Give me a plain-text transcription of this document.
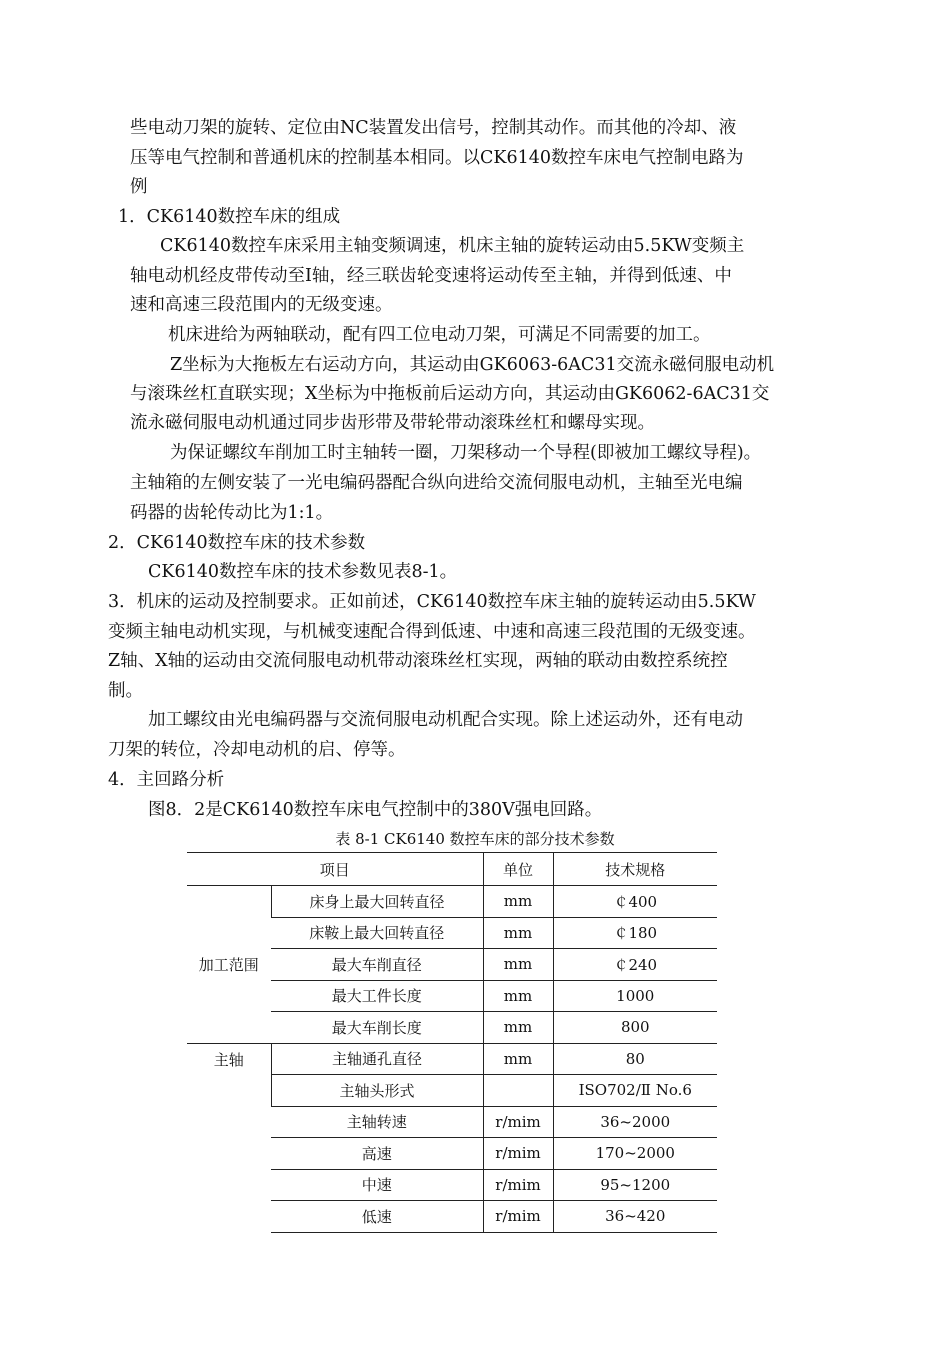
些电动刀架的旋转、定位由NC装置发出信号，控制其动作。而其他的冷却、液
压等电气控制和普通机床的控制基本相同。以CK6140数控车床电气控制电路为
例
1．CK6140数控车床的组成
CK6140数控车床采用主轴变频调速，机床主轴的旋转运动由5.5KW变频主
轴电动机经皮带传动至Ⅰ轴，经三联齿轮变速将运动传至主轴，并得到低速、中
速和高速三段范围内的无级变速。
机床进给为两轴联动，配有四工位电动刀架，可满足不同需要的加工。
Z坐标为大拖板左右运动方向，其运动由GK6063-6AC31交流永磁伺服电动机
与滚珠丝杠直联实现；X坐标为中拖板前后运动方向，其运动由GK6062-6AC31交
流永磁伺服电动机通过同步齿形带及带轮带动滚珠丝杠和螺母实现。
为保证螺纹车削加工时主轴转一圈，刀架移动一个导程(即被加工螺纹导程)。
主轴箱的左侧安装了一光电编码器配合纵向进给交流伺服电动机，主轴至光电编
码器的齿轮传动比为1:1。
2．CK6140数控车床的技术参数
CK6140数控车床的技术参数见表8-1。
3．机床的运动及控制要求。正如前述，CK6140数控车床主轴的旋转运动由5.5KW
变频主轴电动机实现，与机械变速配合得到低速、中速和高速三段范围的无级变速。
Z轴、X轴的运动由交流伺服电动机带动滚珠丝杠实现，两轴的联动由数控系统控
制。
加工螺纹由光电编码器与交流伺服电动机配合实现。除上述运动外，还有电动
刀架的转位，冷却电动机的启、停等。
4．主回路分析
图8．2是CK6140数控车床电气控制中的380V强电回路。
表 8-1 CK6140 数控车床的部分技术参数
项目		单位	技术规格
加工范围	床身上最大回转直径	mm	￠400
	床鞍上最大回转直径	mm	￠180
	最大车削直径	mm	￠240
	最大工件长度	mm	1000
	最大车削长度	mm	800
主轴	主轴通孔直径	mm	80
	主轴头形式		ISO702/Ⅱ No.6
	主轴转速	r/mim	36~2000
	高速	r/mim	170~2000
	中速	r/mim	95~1200
	低速	r/mim	36~420
